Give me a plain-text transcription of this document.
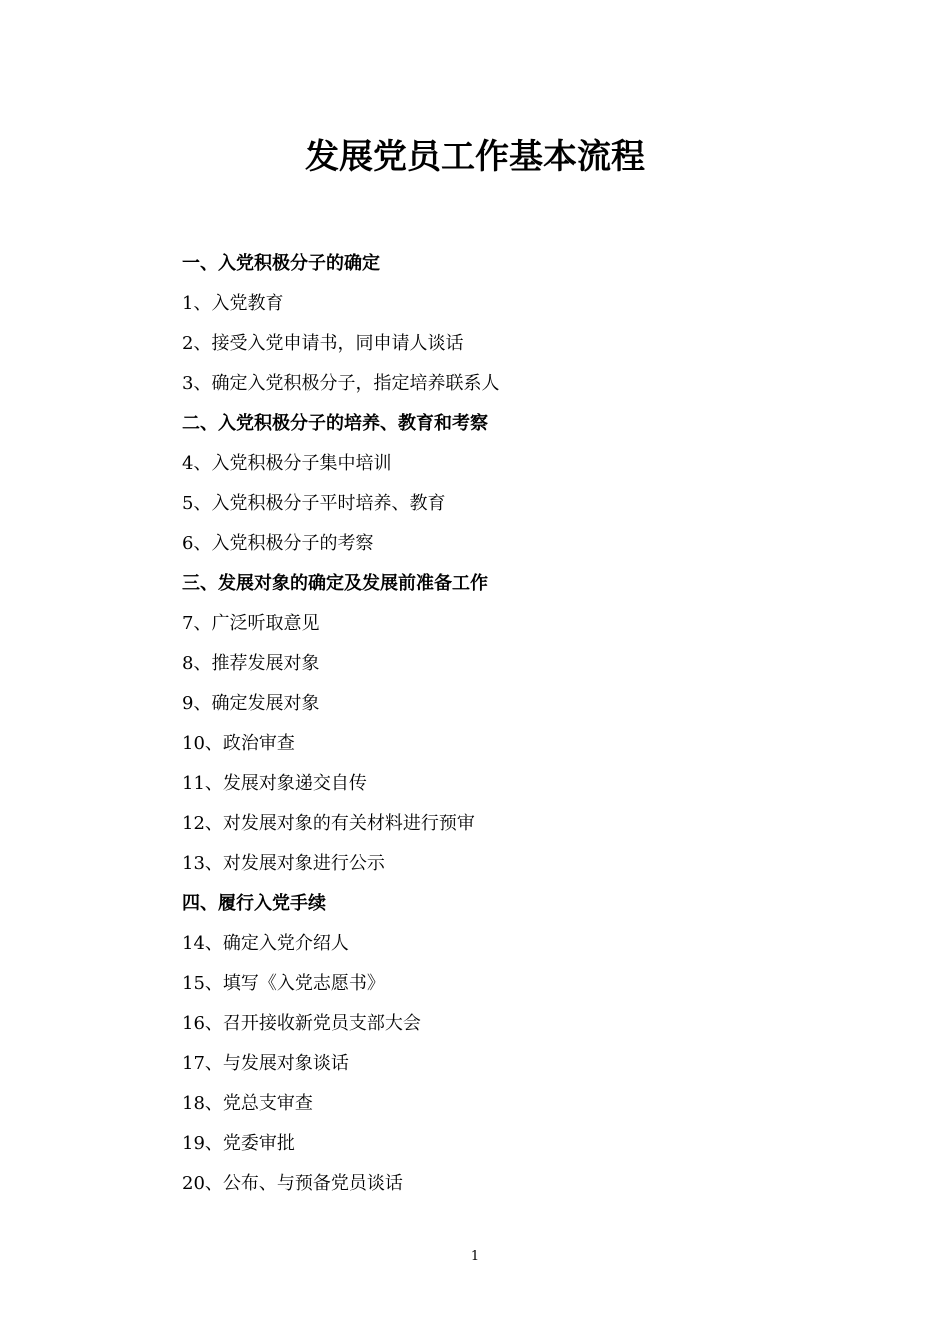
发展党员工作基本流程
一、入党积极分子的确定
1、入党教育
2、接受入党申请书，同申请人谈话
3、确定入党积极分子，指定培养联系人
二、入党积极分子的培养、教育和考察
4、入党积极分子集中培训
5、入党积极分子平时培养、教育
6、入党积极分子的考察
三、发展对象的确定及发展前准备工作
7、广泛听取意见
8、推荐发展对象
9、确定发展对象
10、政治审查
11、发展对象递交自传
12、对发展对象的有关材料进行预审
13、对发展对象进行公示
四、履行入党手续
14、确定入党介绍人
15、填写《入党志愿书》
16、召开接收新党员支部大会
17、与发展对象谈话
18、党总支审查
19、党委审批
20、公布、与预备党员谈话
1
